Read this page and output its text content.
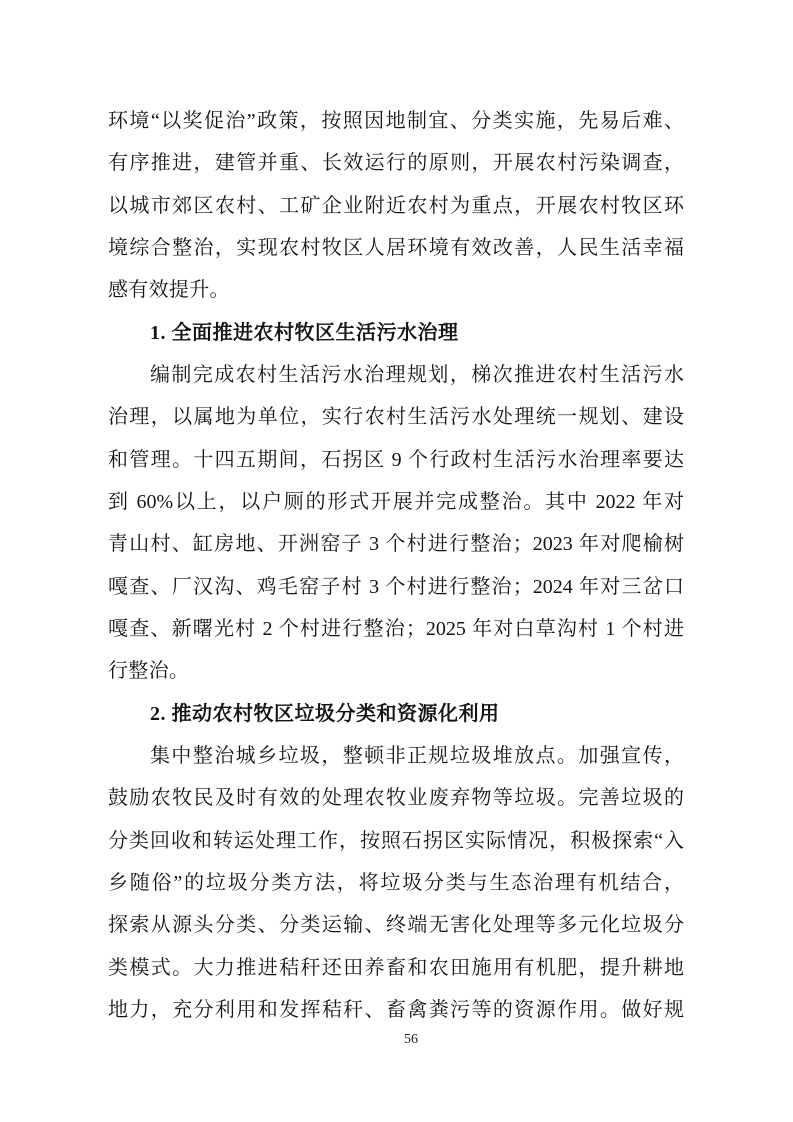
环境“以奖促治”政策，按照因地制宜、分类实施，先易后难、
有序推进，建管并重、长效运行的原则，开展农村污染调查，
以城市郊区农村、工矿企业附近农村为重点，开展农村牧区环
境综合整治，实现农村牧区人居环境有效改善，人民生活幸福
感有效提升。
1. 全面推进农村牧区生活污水治理
编制完成农村生活污水治理规划，梯次推进农村生活污水
治理，以属地为单位，实行农村生活污水处理统一规划、建设
和管理。十四五期间，石拐区 9 个行政村生活污水治理率要达
到 60%以上，以户厕的形式开展并完成整治。其中 2022 年对
青山村、缸房地、开洲窑子 3 个村进行整治；2023 年对爬榆树
嘎查、厂汉沟、鸡毛窑子村 3 个村进行整治；2024 年对三岔口
嘎查、新曙光村 2 个村进行整治；2025 年对白草沟村 1 个村进
行整治。
2. 推动农村牧区垃圾分类和资源化利用
集中整治城乡垃圾，整顿非正规垃圾堆放点。加强宣传，
鼓励农牧民及时有效的处理农牧业废弃物等垃圾。完善垃圾的
分类回收和转运处理工作，按照石拐区实际情况，积极探索“入
乡随俗”的垃圾分类方法，将垃圾分类与生态治理有机结合，
探索从源头分类、分类运输、终端无害化处理等多元化垃圾分
类模式。大力推进秸秆还田养畜和农田施用有机肥，提升耕地
地力，充分利用和发挥秸秆、畜禽粪污等的资源作用。做好规
56
